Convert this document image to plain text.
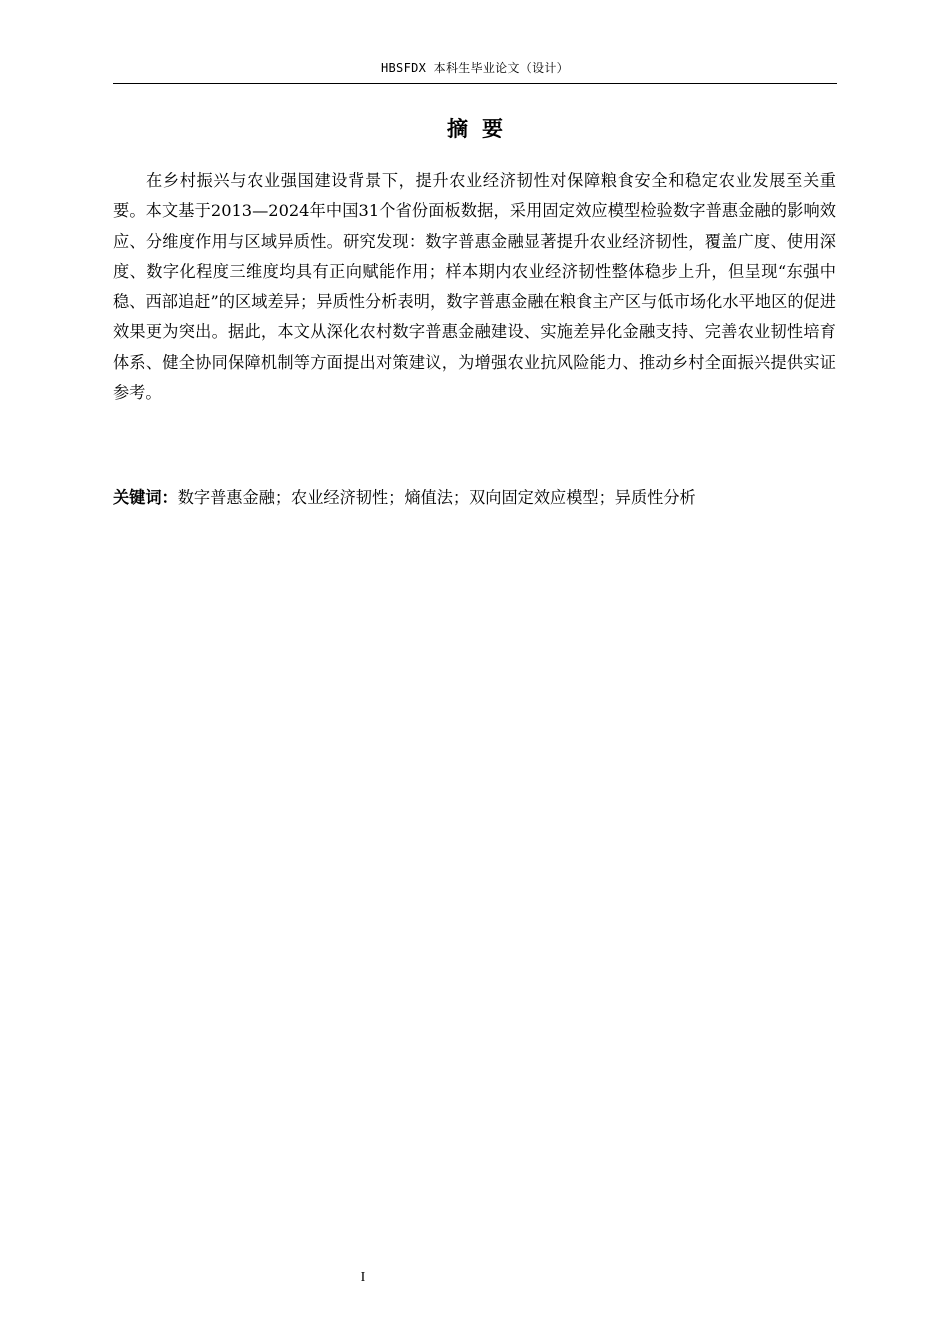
HBSFDX 本科生毕业论文（设计）
摘要

在乡村振兴与农业强国建设背景下，提升农业经济韧性对保障粮食安全和稳定农业发展至关重要。本文基于2013—2024年中国31个省份面板数据，采用固定效应模型检验数字普惠金融的影响效应、分维度作用与区域异质性。研究发现：数字普惠金融显著提升农业经济韧性，覆盖广度、使用深度、数字化程度三维度均具有正向赋能作用；样本期内农业经济韧性整体稳步上升，但呈现“东强中稳、西部追赶”的区域差异；异质性分析表明，数字普惠金融在粮食主产区与低市场化水平地区的促进效果更为突出。据此，本文从深化农村数字普惠金融建设、实施差异化金融支持、完善农业韧性培育体系、健全协同保障机制等方面提出对策建议，为增强农业抗风险能力、推动乡村全面振兴提供实证参考。

关键词：数字普惠金融；农业经济韧性；熵值法；双向固定效应模型；异质性分析

I
